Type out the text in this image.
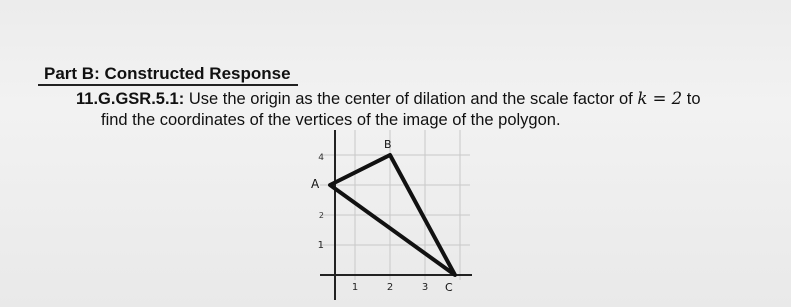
Part B: Constructed Response
11.G.GSR.5.1: Use the origin as the center of dilation and the scale factor of k = 2 to
find the coordinates of the vertices of the image of the polygon.
4
2
1
1	2	3
A
B
C
